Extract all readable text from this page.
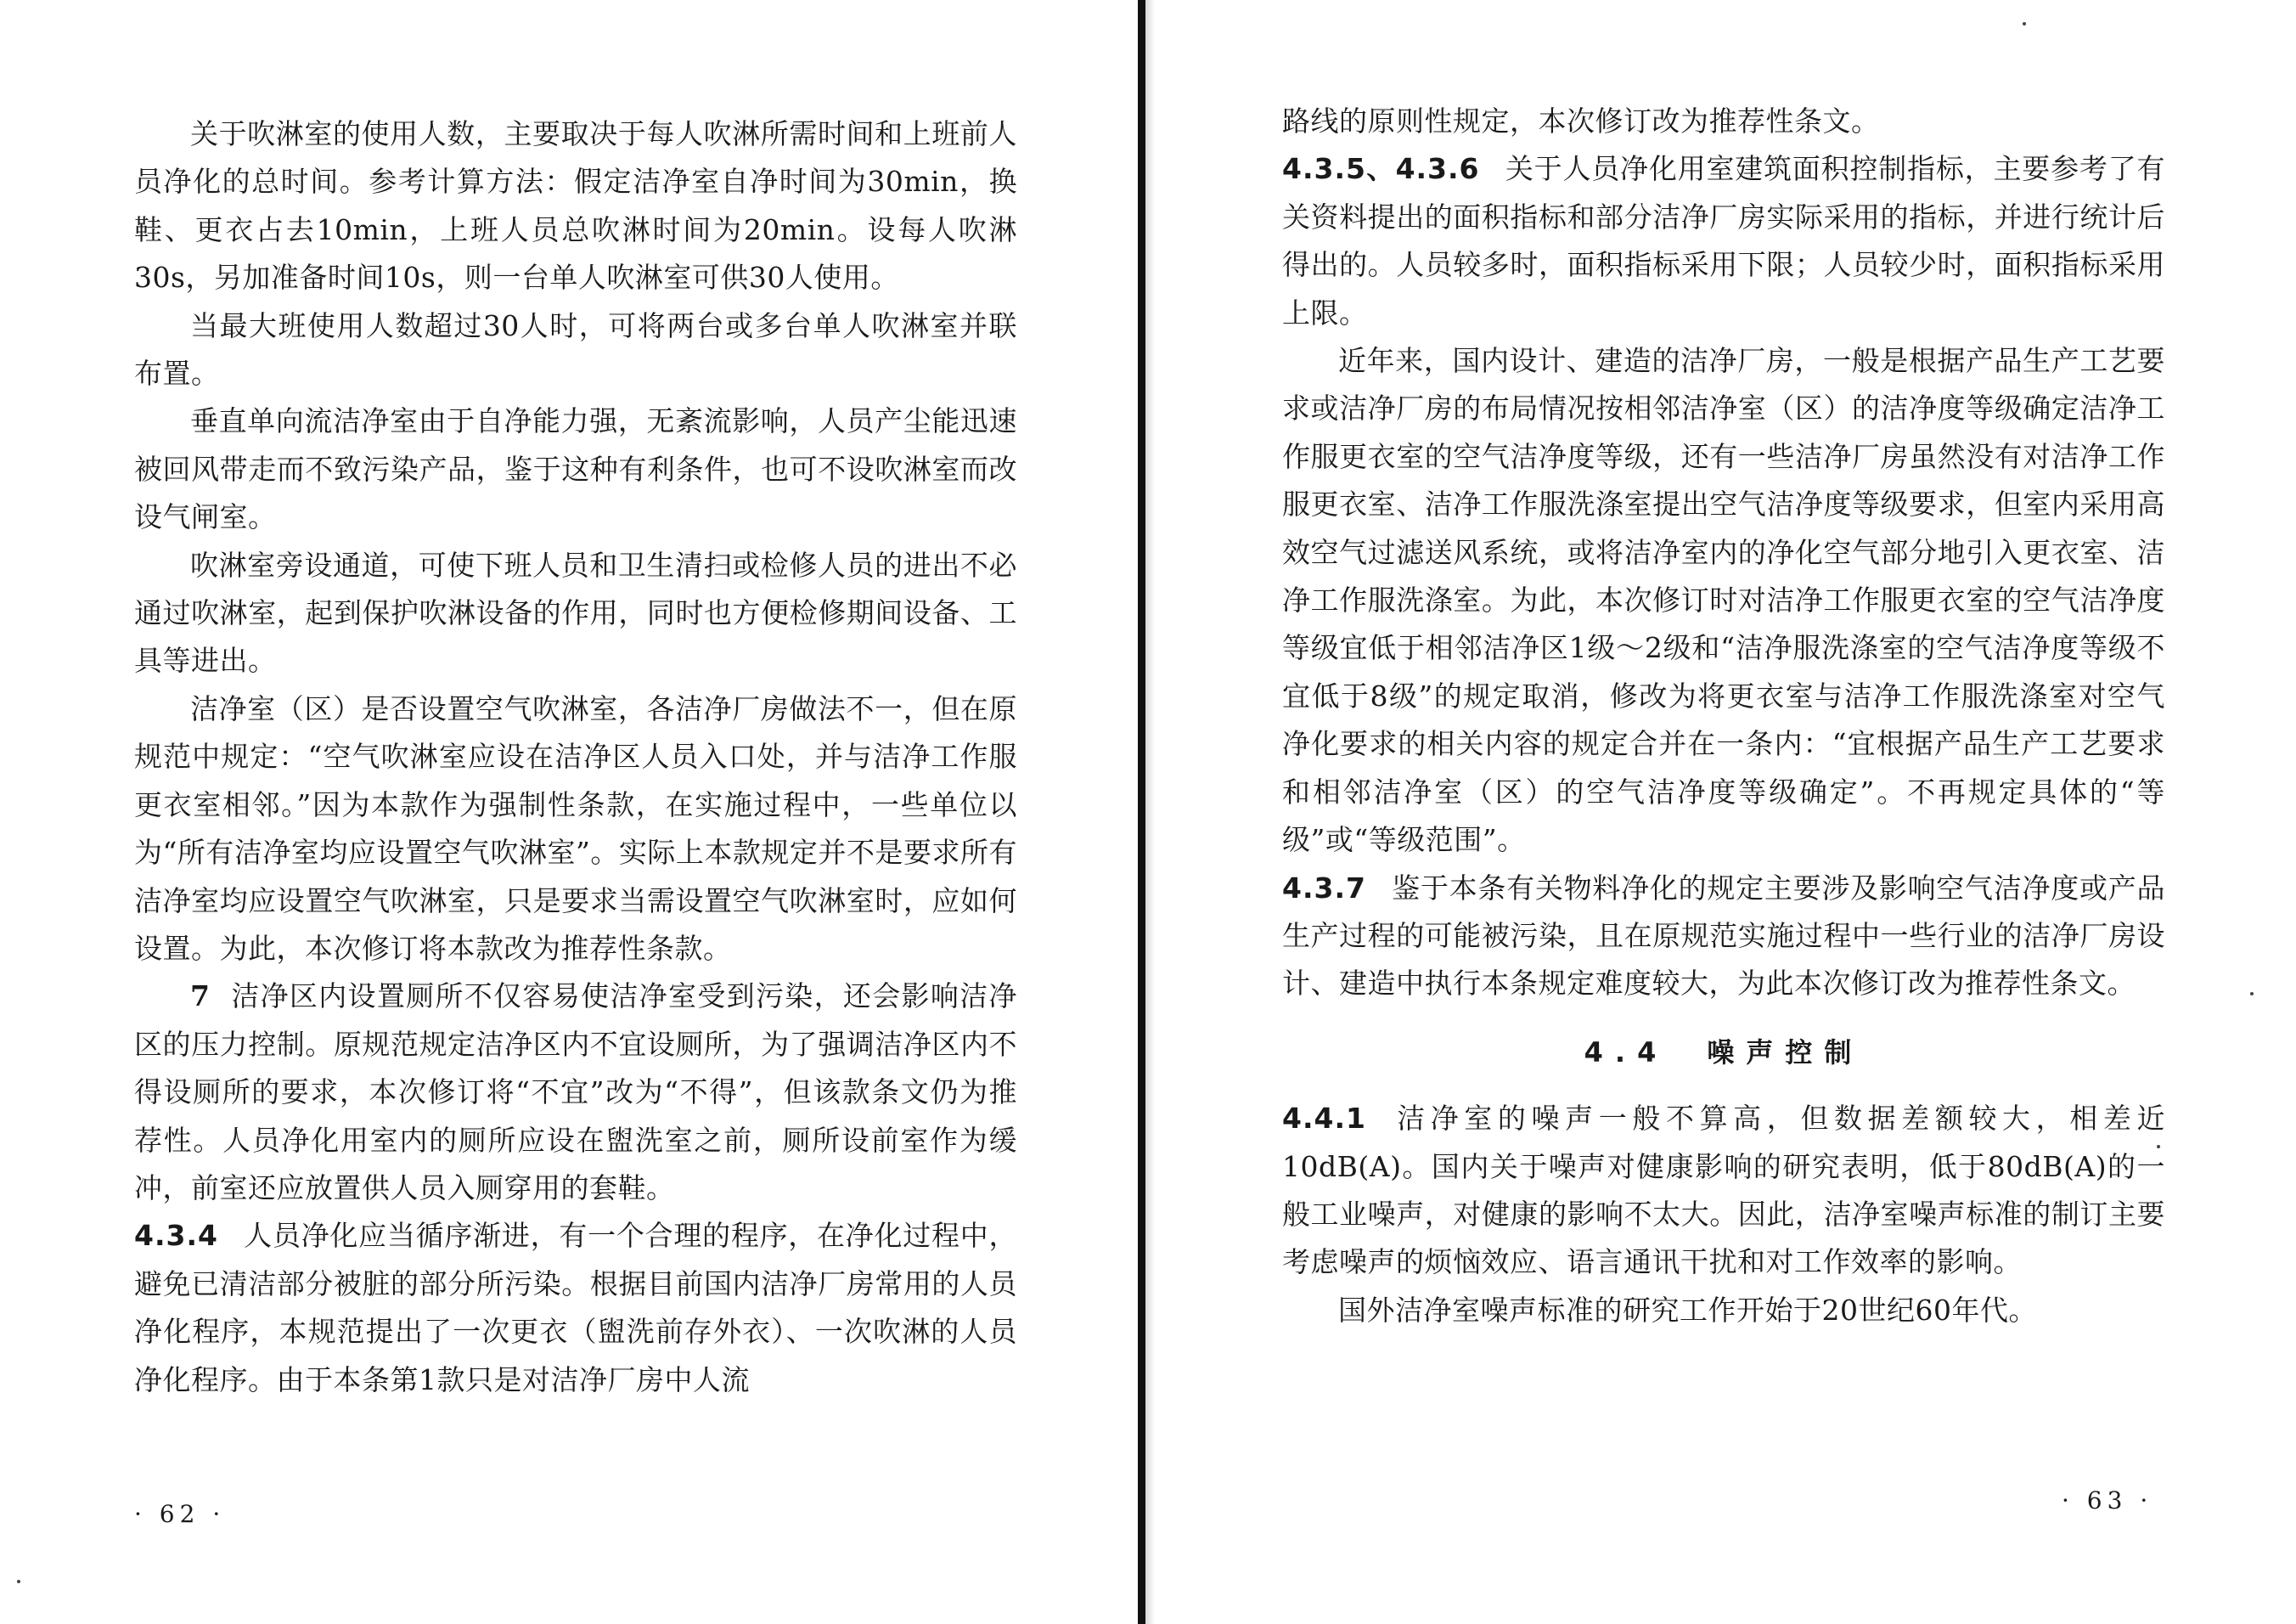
关于吹淋室的使用人数，主要取决于每人吹淋所需时间和上班前人员净化的总时间。参考计算方法：假定洁净室自净时间为30min，换鞋、更衣占去10min，上班人员总吹淋时间为20min。设每人吹淋30s，另加准备时间10s，则一台单人吹淋室可供30人使用。

当最大班使用人数超过30人时，可将两台或多台单人吹淋室并联布置。

垂直单向流洁净室由于自净能力强，无紊流影响，人员产尘能迅速被回风带走而不致污染产品，鉴于这种有利条件，也可不设吹淋室而改设气闸室。

吹淋室旁设通道，可使下班人员和卫生清扫或检修人员的进出不必通过吹淋室，起到保护吹淋设备的作用，同时也方便检修期间设备、工具等进出。

洁净室（区）是否设置空气吹淋室，各洁净厂房做法不一，但在原规范中规定：“空气吹淋室应设在洁净区人员入口处，并与洁净工作服更衣室相邻。”因为本款作为强制性条款，在实施过程中，一些单位以为“所有洁净室均应设置空气吹淋室”。实际上本款规定并不是要求所有洁净室均应设置空气吹淋室，只是要求当需设置空气吹淋室时，应如何设置。为此，本次修订将本款改为推荐性条款。

7 洁净区内设置厕所不仅容易使洁净室受到污染，还会影响洁净区的压力控制。原规范规定洁净区内不宜设厕所，为了强调洁净区内不得设厕所的要求，本次修订将“不宜”改为“不得”，但该款条文仍为推荐性。人员净化用室内的厕所应设在盥洗室之前，厕所设前室作为缓冲，前室还应放置供人员入厕穿用的套鞋。

4.3.4 人员净化应当循序渐进，有一个合理的程序，在净化过程中，避免已清洁部分被脏的部分所污染。根据目前国内洁净厂房常用的人员净化程序，本规范提出了一次更衣（盥洗前存外衣）、一次吹淋的人员净化程序。由于本条第1款只是对洁净厂房中人流

· 62 ·

路线的原则性规定，本次修订改为推荐性条文。

4.3.5、4.3.6 关于人员净化用室建筑面积控制指标，主要参考了有关资料提出的面积指标和部分洁净厂房实际采用的指标，并进行统计后得出的。人员较多时，面积指标采用下限；人员较少时，面积指标采用上限。

近年来，国内设计、建造的洁净厂房，一般是根据产品生产工艺要求或洁净厂房的布局情况按相邻洁净室（区）的洁净度等级确定洁净工作服更衣室的空气洁净度等级，还有一些洁净厂房虽然没有对洁净工作服更衣室、洁净工作服洗涤室提出空气洁净度等级要求，但室内采用高效空气过滤送风系统，或将洁净室内的净化空气部分地引入更衣室、洁净工作服洗涤室。为此，本次修订时对洁净工作服更衣室的空气洁净度等级宜低于相邻洁净区1级～2级和“洁净服洗涤室的空气洁净度等级不宜低于8级”的规定取消，修改为将更衣室与洁净工作服洗涤室对空气净化要求的相关内容的规定合并在一条内：“宜根据产品生产工艺要求和相邻洁净室（区）的空气洁净度等级确定”。不再规定具体的“等级”或“等级范围”。

4.3.7 鉴于本条有关物料净化的规定主要涉及影响空气洁净度或产品生产过程的可能被污染，且在原规范实施过程中一些行业的洁净厂房设计、建造中执行本条规定难度较大，为此本次修订改为推荐性条文。

4.4　噪声控制

4.4.1 洁净室的噪声一般不算高，但数据差额较大，相差近10dB(A)。国内关于噪声对健康影响的研究表明，低于80dB(A)的一般工业噪声，对健康的影响不太大。因此，洁净室噪声标准的制订主要考虑噪声的烦恼效应、语言通讯干扰和对工作效率的影响。

国外洁净室噪声标准的研究工作开始于20世纪60年代。

· 63 ·
